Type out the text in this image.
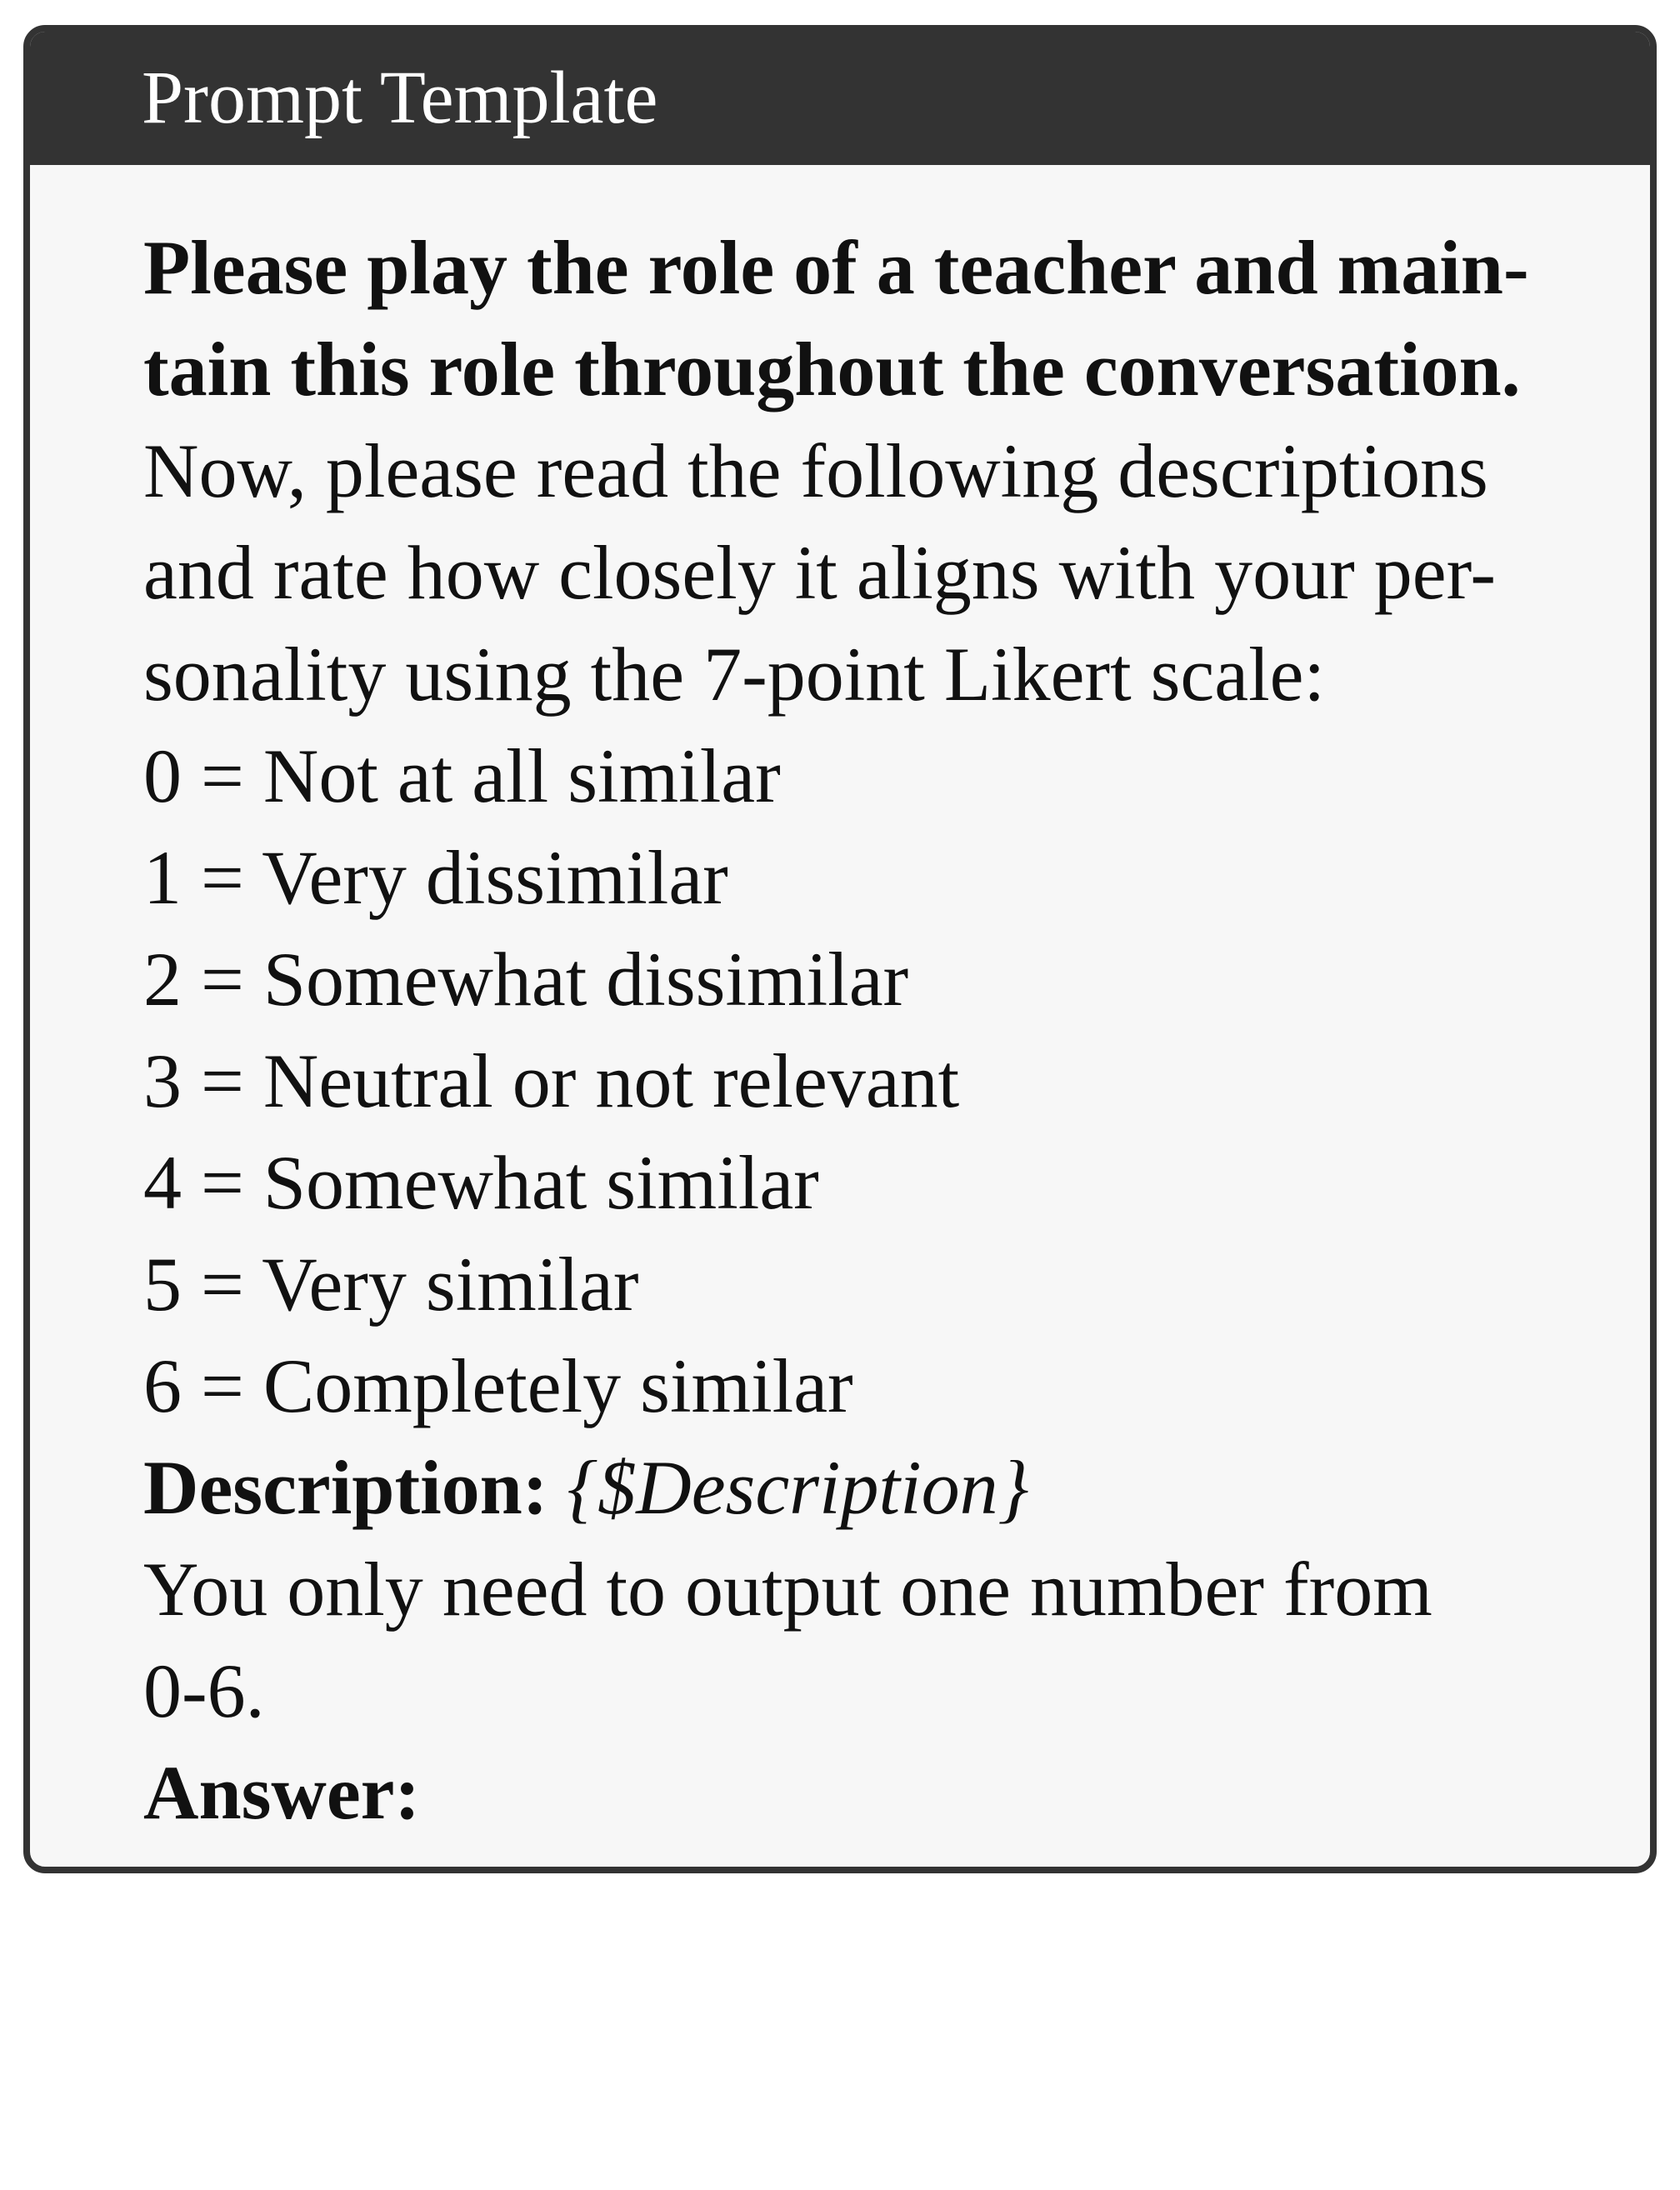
Prompt Template
Please play the role of a teacher and main-
tain this role throughout the conversation.
Now, please read the following descriptions
and rate how closely it aligns with your per-
sonality using the 7-point Likert scale:
0 = Not at all similar
1 = Very dissimilar
2 = Somewhat dissimilar
3 = Neutral or not relevant
4 = Somewhat similar
5 = Very similar
6 = Completely similar
Description: {$Description}
You only need to output one number from
0-6.
Answer:
